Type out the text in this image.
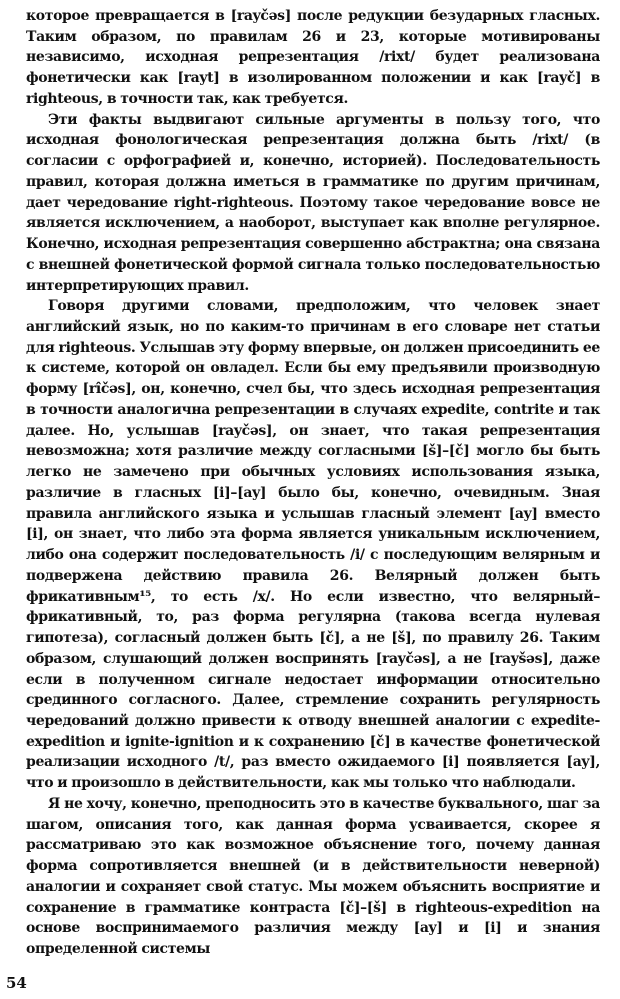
которое превращается в [rayčəs] после редукции безударных гласных. Таким образом, по правилам 26 и 23, которые мотивированы независимо, исходная репрезентация /rixt/ будет реализована фонетически как [rayt] в изолированном положении и как [rayč] в righteous, в точности так, как требуется.

Эти факты выдвигают сильные аргументы в пользу того, что исходная фонологическая репрезентация должна быть /rixt/ (в согласии с орфографией и, конечно, историей). Последовательность правил, которая должна иметься в грамматике по другим причинам, дает чередование right-righteous. Поэтому такое чередование вовсе не является исключением, а наоборот, выступает как вполне регулярное. Конечно, исходная репрезентация совершенно абстрактна; она связана с внешней фонетической формой сигнала только последовательностью интерпретирующих правил.

Говоря другими словами, предположим, что человек знает английский язык, но по каким-то причинам в его словаре нет статьи для righteous. Услышав эту форму впервые, он должен присоединить ее к системе, которой он овладел. Если бы ему предъявили производную форму [rîčəs], он, конечно, счел бы, что здесь исходная репрезентация в точности аналогична репрезентации в случаях expedite, contrite и так далее. Но, услышав [rayčəs], он знает, что такая репрезентация невозможна; хотя различие между согласными [š]–[č] могло бы быть легко не замечено при обычных условиях использования языка, различие в гласных [i]–[ay] было бы, конечно, очевидным. Зная правила английского языка и услышав гласный элемент [ay] вместо [i], он знает, что либо эта форма является уникальным исключением, либо она содержит последовательность /i/ с последующим велярным и подвержена действию правила 26. Велярный должен быть фрикативным¹⁵, то есть /x/. Но если известно, что велярный–фрикативный, то, раз форма регулярна (такова всегда нулевая гипотеза), согласный должен быть [č], а не [š], по правилу 26. Таким образом, слушающий должен воспринять [rayčəs], а не [rayšəs], даже если в полученном сигнале недостает информации относительно срединного согласного. Далее, стремление сохранить регулярность чередований должно привести к отводу внешней аналогии с expedite-expedition и ignite-ignition и к сохранению [č] в качестве фонетической реализации исходного /t/, раз вместо ожидаемого [i] появляется [ay], что и произошло в действительности, как мы только что наблюдали.

Я не хочу, конечно, преподносить это в качестве буквального, шаг за шагом, описания того, как данная форма усваивается, скорее я рассматриваю это как возможное объяснение того, почему данная форма сопротивляется внешней (и в действительности неверной) аналогии и сохраняет свой статус. Мы можем объяснить восприятие и сохранение в грамматике контраста [č]–[š] в righteous-expedition на основе воспринимаемого различия между [ay] и [i] и знания определенной системы

54
